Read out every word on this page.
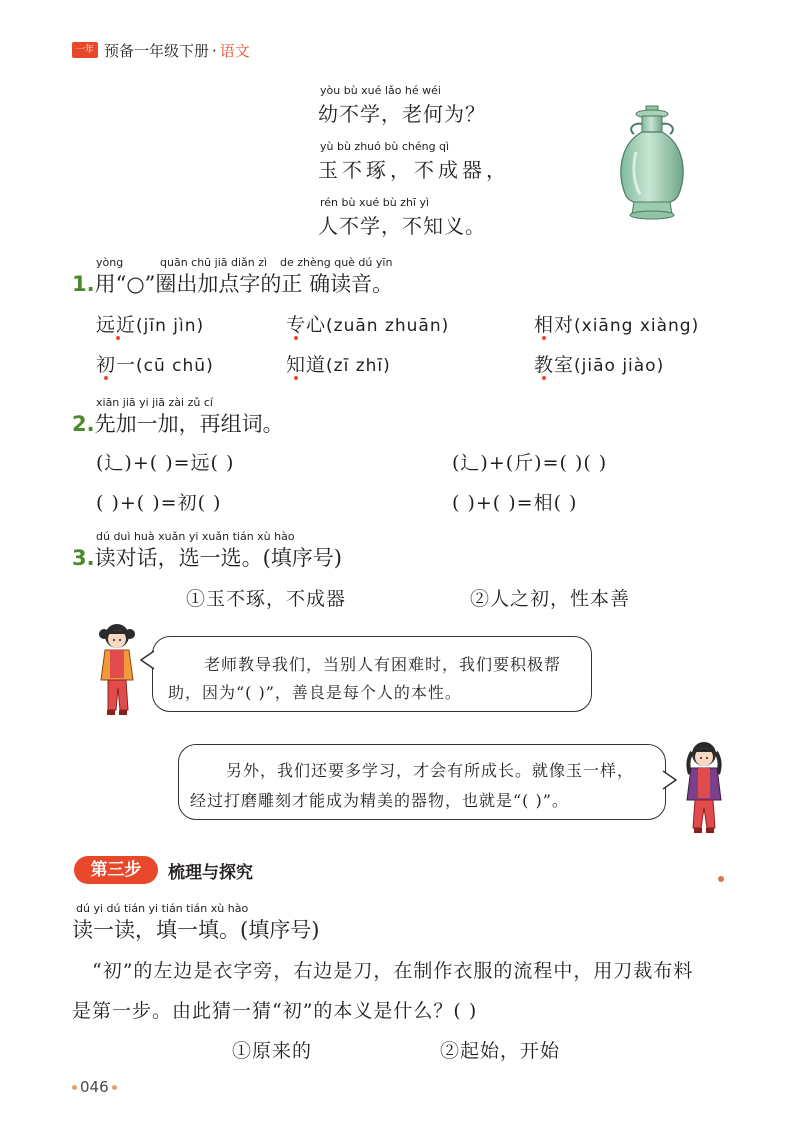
一年 预备一年级下册 · 语文
yòu bù xué lǎo hé wéi
幼不学，老何为？
yù bù zhuó bù chéng qì
玉不琢，不成器，
rén bù xué bù zhī yì
人不学，不知义。
yòng	quān chū jiā diǎn zì de zhèng què dú yīn
1.用“○”圈出加点字的正 确读音。
远近(jīn jìn)	专心(zuān zhuān)	相对(xiāng xiàng)
初一(cū chū)	知道(zī zhī)	教室(jiāo jiào)
xiān jiā yi jiā zài zǔ cí
2.先加一加，再组词。
(辶)+( )=远( )	(辶)+(斤)=( )( )
( )+( )=初( )	( )+( )=相( )
dú duì huà xuǎn yi xuǎn tián xù hào
3.读对话，选一选。(填序号)
①玉不琢，不成器	②人之初，性本善
老师教导我们，当别人有困难时，我们要积极帮
助，因为“( )”，善良是每个人的本性。
另外，我们还要多学习，才会有所成长。就像玉一样，
经过打磨雕刻才能成为精美的器物，也就是“( )”。
第三步	梳理与探究
dú yi dú tián yi tián tián xù hào
读一读，填一填。(填序号)
“初”的左边是衣字旁，右边是刀，在制作衣服的流程中，用刀裁布料
是第一步。由此猜一猜“初”的本义是什么？( )
①原来的	②起始，开始
046
